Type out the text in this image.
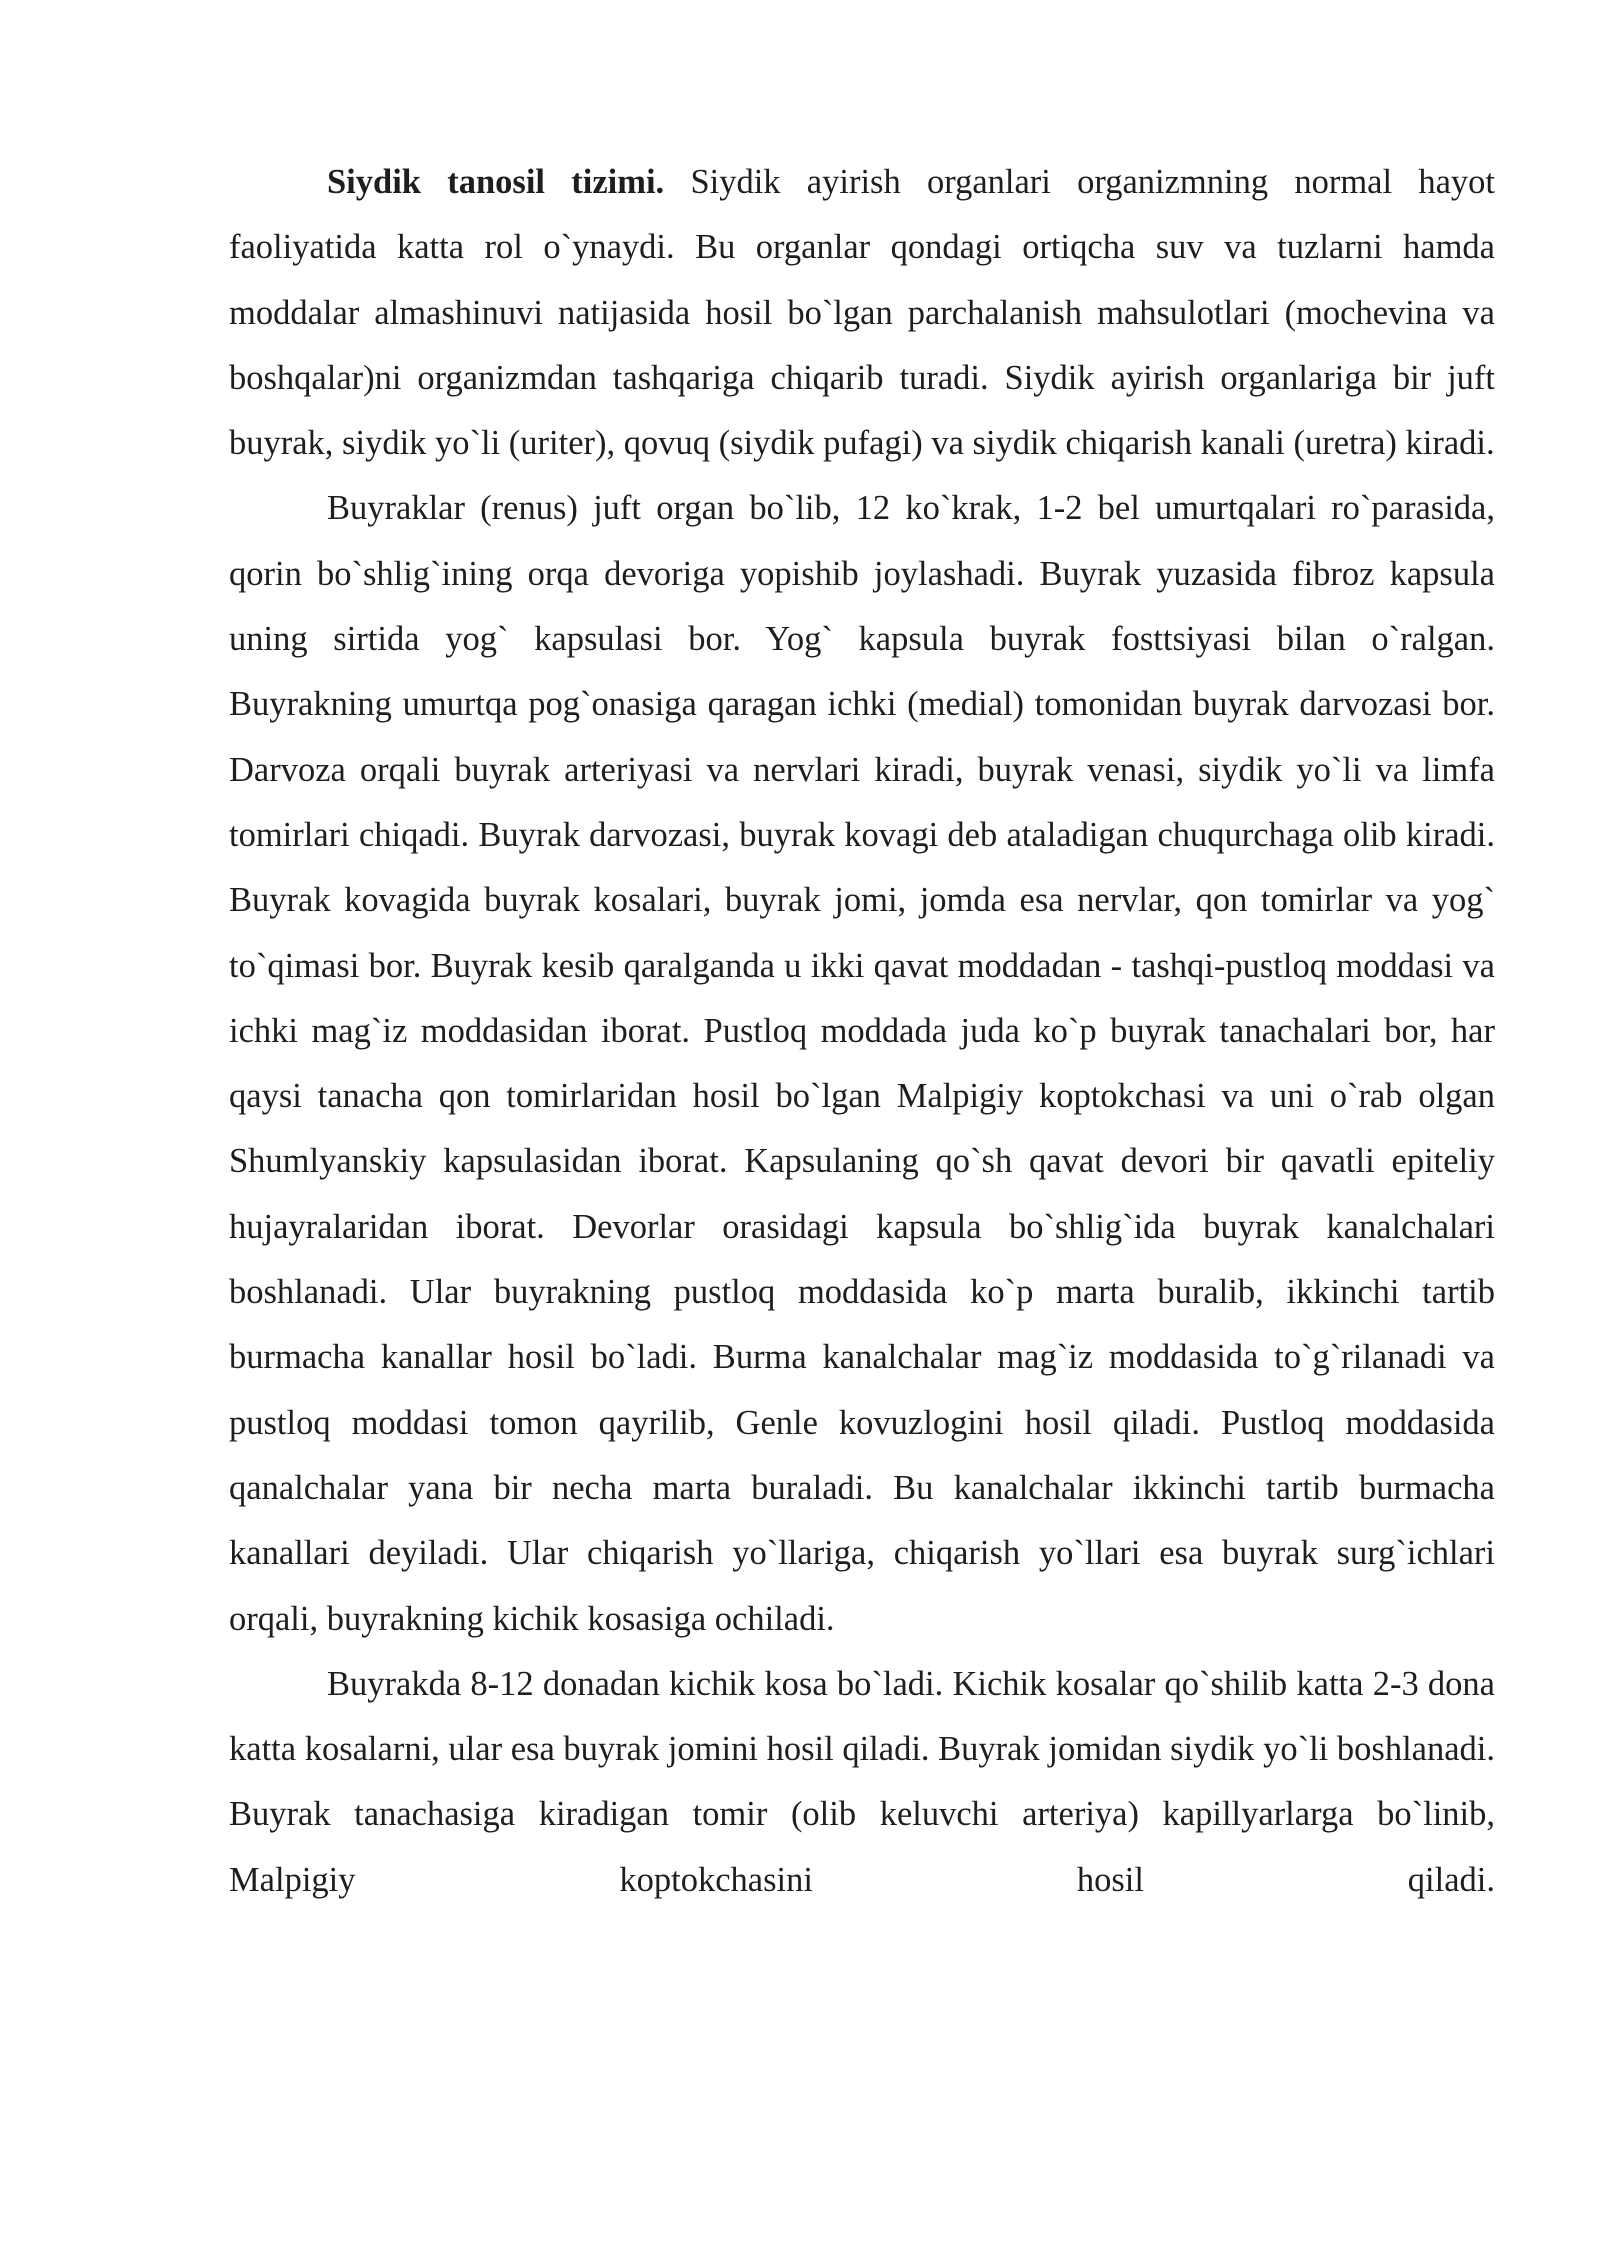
Siydik tanosil tizimi. Siydik ayirish organlari organizmning normal hayot faoliyatida katta rol o`ynaydi. Bu organlar qondagi ortiqcha suv va tuzlarni hamda moddalar almashinuvi natijasida hosil bo`lgan parchalanish mahsulotlari (mochevina va boshqalar)ni organizmdan tashqariga chiqarib turadi. Siydik ayirish organlariga bir juft buyrak, siydik yo`li (uriter), qovuq (siydik pufagi) va siydik chiqarish kanali (uretra) kiradi.

Buyraklar (renus) juft organ bo`lib, 12 ko`krak, 1-2 bel umurtqalari ro`parasida, qorin bo`shlig`ining orqa devoriga yopishib joylashadi. Buyrak yuzasida fibroz kapsula uning sirtida yog` kapsulasi bor. Yog` kapsula buyrak fosttsiyasi bilan o`ralgan. Buyrakning umurtqa pog`onasiga qaragan ichki (medial) tomonidan buyrak darvozasi bor. Darvoza orqali buyrak arteriyasi va nervlari kiradi, buyrak venasi, siydik yo`li va limfa tomirlari chiqadi. Buyrak darvozasi, buyrak kovagi deb ataladigan chuqurchaga olib kiradi. Buyrak kovagida buyrak kosalari, buyrak jomi, jomda esa nervlar, qon tomirlar va yog` to`qimasi bor. Buyrak kesib qaralganda u ikki qavat moddadan - tashqi-pustloq moddasi va ichki mag`iz moddasidan iborat. Pustloq moddada juda ko`p buyrak tanachalari bor, har qaysi tanacha qon tomirlaridan hosil bo`lgan Malpigiy koptokchasi va uni o`rab olgan Shumlyanskiy kapsulasidan iborat. Kapsulaning qo`sh qavat devori bir qavatli epiteliy hujayralaridan iborat. Devorlar orasidagi kapsula bo`shlig`ida buyrak kanalchalari boshlanadi. Ular buyrakning pustloq moddasida ko`p marta buralib, ikkinchi tartib burmacha kanallar hosil bo`ladi. Burma kanalchalar mag`iz moddasida to`g`rilanadi va pustloq moddasi tomon qayrilib, Genle kovuzlogini hosil qiladi. Pustloq moddasida qanalchalar yana bir necha marta buraladi. Bu kanalchalar ikkinchi tartib burmacha kanallari deyiladi. Ular chiqarish yo`llariga, chiqarish yo`llari esa buyrak surg`ichlari orqali, buyrakning kichik kosasiga ochiladi.

Buyrakda 8-12 donadan kichik kosa bo`ladi. Kichik kosalar qo`shilib katta 2-3 dona katta kosalarni, ular esa buyrak jomini hosil qiladi. Buyrak jomidan siydik yo`li boshlanadi. Buyrak tanachasiga kiradigan tomir (olib keluvchi arteriya) kapillyarlarga bo`linib, Malpigiy koptokchasini hosil qiladi.
